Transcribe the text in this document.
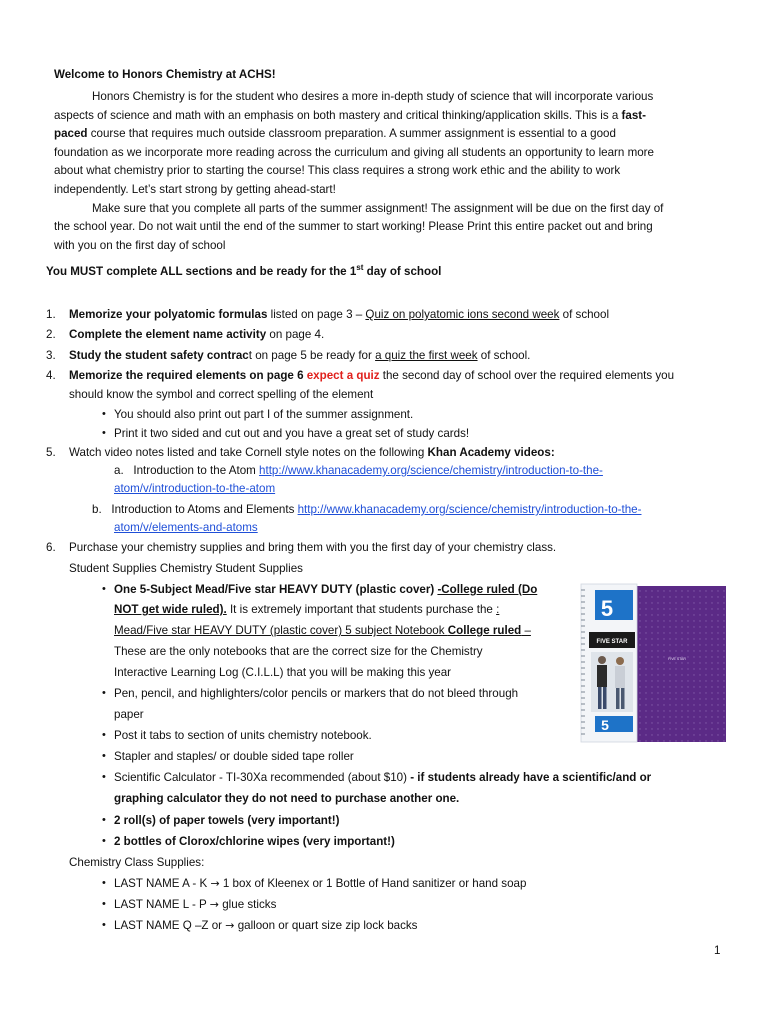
Welcome to Honors Chemistry at ACHS!
Honors Chemistry is for the student who desires a more in-depth study of science that will incorporate various
aspects of science and math with an emphasis on both mastery and critical thinking/application skills. This is a fast-
paced course that requires much outside classroom preparation. A summer assignment is essential to a good
foundation as we incorporate more reading across the curriculum and giving all students an opportunity to learn more
about what chemistry prior to starting the course! This class requires a strong work ethic and the ability to work
independently. Let’s start strong by getting ahead-start!
Make sure that you complete all parts of the summer assignment! The assignment will be due on the first day of
the school year. Do not wait until the end of the summer to start working! Please Print this entire packet out and bring
with you on the first day of school
You MUST complete ALL sections and be ready for the 1st day of school
1. Memorize your polyatomic formulas listed on page 3 – Quiz on polyatomic ions second week of school
2. Complete the element name activity on page 4.
3. Study the student safety contract on page 5 be ready for a quiz the first week of school.
4. Memorize the required elements on page 6 expect a quiz the second day of school over the required elements you
should know the symbol and correct spelling of the element
• You should also print out part I of the summer assignment.
• Print it two sided and cut out and you have a great set of study cards!
5. Watch video notes listed and take Cornell style notes on the following Khan Academy videos:
a. Introduction to the Atom http://www.khanacademy.org/science/chemistry/introduction-to-the-
atom/v/introduction-to-the-atom
b. Introduction to Atoms and Elements http://www.khanacademy.org/science/chemistry/introduction-to-the-
atom/v/elements-and-atoms
6. Purchase your chemistry supplies and bring them with you the first day of your chemistry class.
Student Supplies Chemistry Student Supplies
• One 5-Subject Mead/Five star HEAVY DUTY (plastic cover) -College ruled (Do
NOT get wide ruled). It is extremely important that students purchase the :
Mead/Five star HEAVY DUTY (plastic cover) 5 subject Notebook College ruled –
These are the only notebooks that are the correct size for the Chemistry
Interactive Learning Log (C.I.L.L) that you will be making this year
• Pen, pencil, and highlighters/color pencils or markers that do not bleed through
paper
• Post it tabs to section of units chemistry notebook.
• Stapler and staples/ or double sided tape roller
• Scientific Calculator - TI-30Xa recommended (about $10) - if students already have a scientific/and or
graphing calculator they do not need to purchase another one.
• 2 roll(s) of paper towels (very important!)
• 2 bottles of Clorox/chlorine wipes (very important!)
Chemistry Class Supplies:
• LAST NAME A - K → 1 box of Kleenex or 1 Bottle of Hand sanitizer or hand soap
• LAST NAME L - P → glue sticks
• LAST NAME Q –Z or → galloon or quart size zip lock backs
FIVE STAR
5
FIVE STAR
5
1
